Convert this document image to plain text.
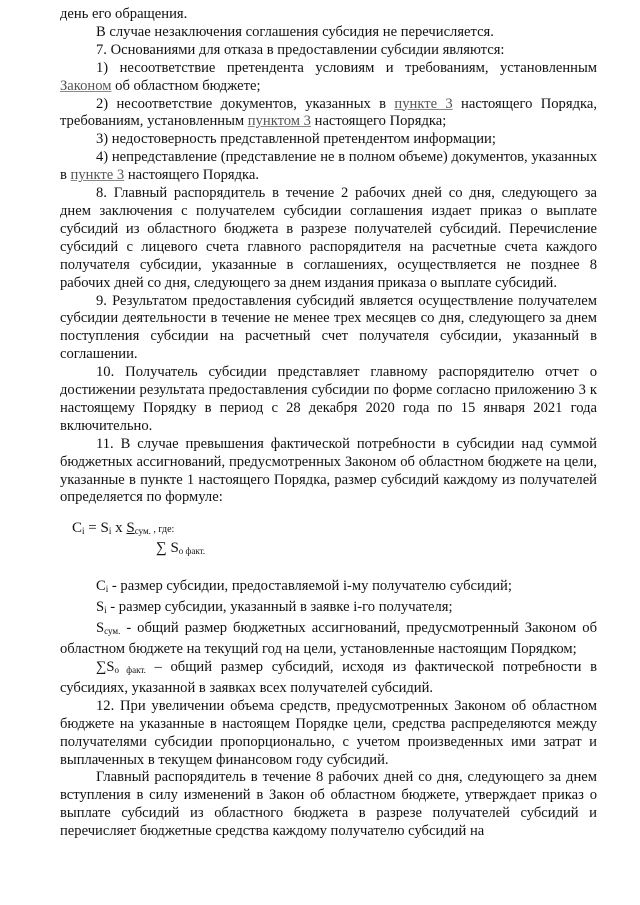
день его обращения.

В случае незаключения соглашения субсидия не перечисляется.

7. Основаниями для отказа в предоставлении субсидии являются:

1) несоответствие претендента условиям и требованиям, установленным Законом об областном бюджете;

2) несоответствие документов, указанных в пункте 3 настоящего Порядка, требованиям, установленным пунктом 3 настоящего Порядка;

3) недостоверность представленной претендентом информации;

4) непредставление (представление не в полном объеме) документов, указанных в пункте 3 настоящего Порядка.

8. Главный распорядитель в течение 2 рабочих дней со дня, следующего за днем заключения с получателем субсидии соглашения издает приказ о выплате субсидий из областного бюджета в разрезе получателей субсидий. Перечисление субсидий с лицевого счета главного распорядителя на расчетные счета каждого получателя субсидии, указанные в соглашениях, осуществляется не позднее 8 рабочих дней со дня, следующего за днем издания приказа о выплате субсидий.

9. Результатом предоставления субсидий является осуществление получателем субсидии деятельности в течение не менее трех месяцев со дня, следующего за днем поступления субсидии на расчетный счет получателя субсидии, указанный в соглашении.

10. Получатель субсидии представляет главному распорядителю отчет о достижении результата предоставления субсидии по форме согласно приложению 3 к настоящему Порядку в период с 28 декабря 2020 года по 15 января 2021 года включительно.

11. В случае превышения фактической потребности в субсидии над суммой бюджетных ассигнований, предусмотренных Законом об областном бюджете на цели, указанные в пункте 1 настоящего Порядка, размер субсидий каждому из получателей определяется по формуле:

$C_i = S_i$ x $S_{сум.}$ , где:
∑ $S_{о факт.}$

$C_i$ - размер субсидии, предоставляемой i-му получателю субсидий;

$S_i$ - размер субсидии, указанный в заявке i-го получателя;

$S_{сум.}$ - общий размер бюджетных ассигнований, предусмотренный Законом об областном бюджете на текущий год на цели, установленные настоящим Порядком;

$\sum S_{о факт.}$ – общий размер субсидий, исходя из фактической потребности в субсидиях, указанной в заявках всех получателей субсидий.

12. При увеличении объема средств, предусмотренных Законом об областном бюджете на указанные в настоящем Порядке цели, средства распределяются между получателями субсидии пропорционально, с учетом произведенных ими затрат и выплаченных в текущем финансовом году субсидий.

Главный распорядитель в течение 8 рабочих дней со дня, следующего за днем вступления в силу изменений в Закон об областном бюджете, утверждает приказ о выплате субсидий из областного бюджета в разрезе получателей субсидий и перечисляет бюджетные средства каждому получателю субсидий на
